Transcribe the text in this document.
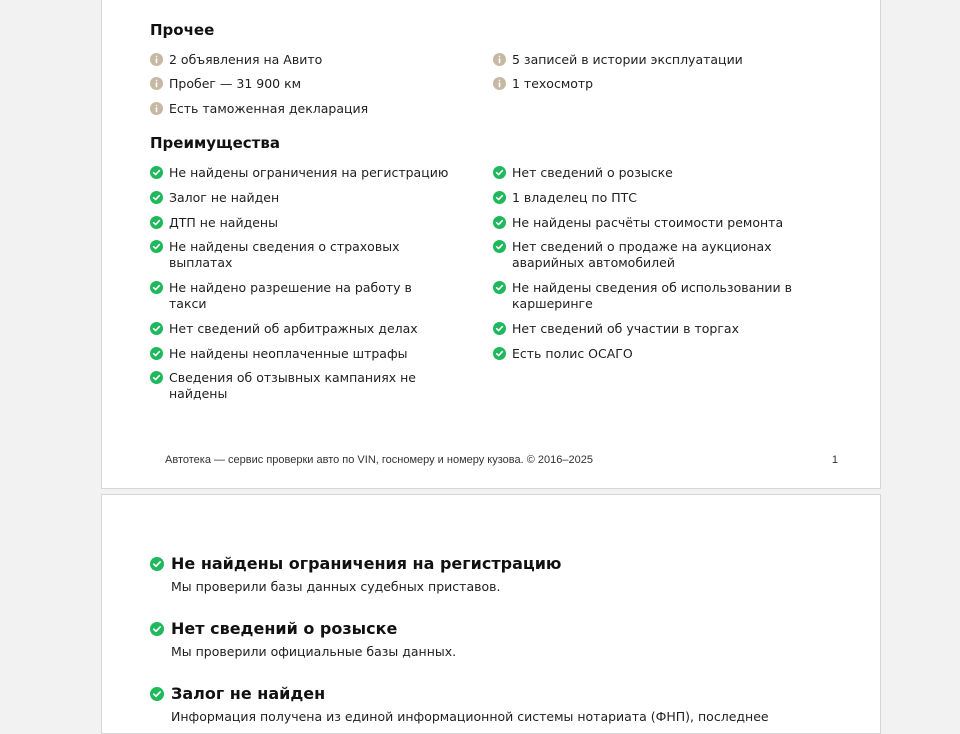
Прочее
2 объявления на Авито
Пробег — 31 900 км
Есть таможенная декларация
5 записей в истории эксплуатации
1 техосмотр
Преимущества
Не найдены ограничения на регистрацию
Залог не найден
ДТП не найдены
Не найдены сведения о страховых выплатах
Не найдено разрешение на работу в такси
Нет сведений об арбитражных делах
Не найдены неоплаченные штрафы
Сведения об отзывных кампаниях не найдены
Нет сведений о розыске
1 владелец по ПТС
Не найдены расчёты стоимости ремонта
Нет сведений о продаже на аукционах аварийных автомобилей
Не найдены сведения об использовании в каршеринге
Нет сведений об участии в торгах
Есть полис ОСАГО
Автотека — сервис проверки авто по VIN, госномеру и номеру кузова. © 2016–2025	1
Не найдены ограничения на регистрацию
Мы проверили базы данных судебных приставов.
Нет сведений о розыске
Мы проверили официальные базы данных.
Залог не найден
Информация получена из единой информационной системы нотариата (ФНП), последнее
